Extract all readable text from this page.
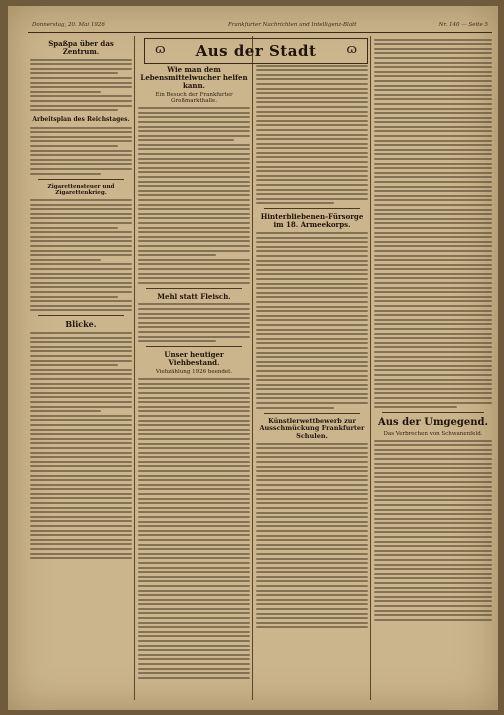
Donnerstag, 20. Mai 1926	Frankfurter Nachrichten und Intelligenz-Blatt	Nr. 140 — Seite 5
ɷ	Aus der Stadt	ɷ
Spaßpa über das Zentrum.
Arbeitsplan des Reichstages.
Zigarettensteuer und Zigarettenkrieg.
Blicke.
Wie man dem Lebensmittelwucher helfen kann.
Ein Besuch der Frankfurter Großmarkthalle.
Mehl statt Fleisch.
Unser heutiger Viehbestand.
Viehzählung 1926 beendet.
Hinterbliebenen-Fürsorge im 18. Armeekorps.
Künstlerwettbewerb zur Ausschmückung Frankfurter Schulen.
Aus der Umgegend.
Das Verbrechen von Schwanenfeld.
